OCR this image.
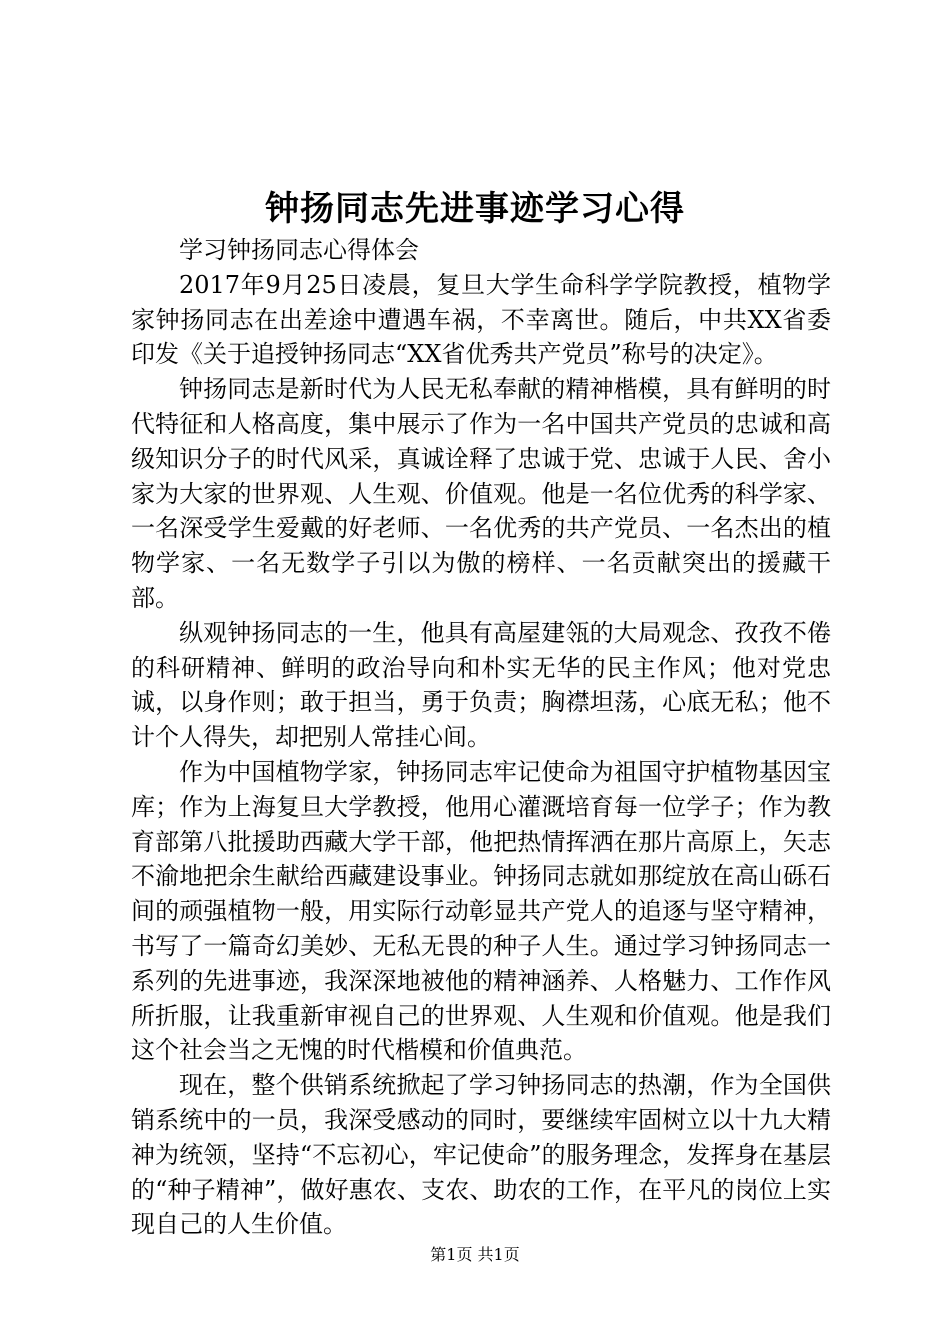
钟扬同志先进事迹学习心得

学习钟扬同志心得体会

2017年9月25日凌晨，复旦大学生命科学学院教授，植物学家钟扬同志在出差途中遭遇车祸，不幸离世。随后，中共XX省委印发《关于追授钟扬同志“XX省优秀共产党员”称号的决定》。

钟扬同志是新时代为人民无私奉献的精神楷模，具有鲜明的时代特征和人格高度，集中展示了作为一名中国共产党员的忠诚和高级知识分子的时代风采，真诚诠释了忠诚于党、忠诚于人民、舍小家为大家的世界观、人生观、价值观。他是一名位优秀的科学家、一名深受学生爱戴的好老师、一名优秀的共产党员、一名杰出的植物学家、一名无数学子引以为傲的榜样、一名贡献突出的援藏干部。

纵观钟扬同志的一生，他具有高屋建瓴的大局观念、孜孜不倦的科研精神、鲜明的政治导向和朴实无华的民主作风；他对党忠诚，以身作则；敢于担当，勇于负责；胸襟坦荡，心底无私；他不计个人得失，却把别人常挂心间。

作为中国植物学家，钟扬同志牢记使命为祖国守护植物基因宝库；作为上海复旦大学教授，他用心灌溉培育每一位学子；作为教育部第八批援助西藏大学干部，他把热情挥洒在那片高原上，矢志不渝地把余生献给西藏建设事业。钟扬同志就如那绽放在高山砾石间的顽强植物一般，用实际行动彰显共产党人的追逐与坚守精神，书写了一篇奇幻美妙、无私无畏的种子人生。通过学习钟扬同志一系列的先进事迹，我深深地被他的精神涵养、人格魅力、工作作风所折服，让我重新审视自己的世界观、人生观和价值观。他是我们这个社会当之无愧的时代楷模和价值典范。

现在，整个供销系统掀起了学习钟扬同志的热潮，作为全国供销系统中的一员，我深受感动的同时，要继续牢固树立以十九大精神为统领，坚持“不忘初心，牢记使命”的服务理念，发挥身在基层的“种子精神”，做好惠农、支农、助农的工作，在平凡的岗位上实现自己的人生价值。

第1页 共1页
